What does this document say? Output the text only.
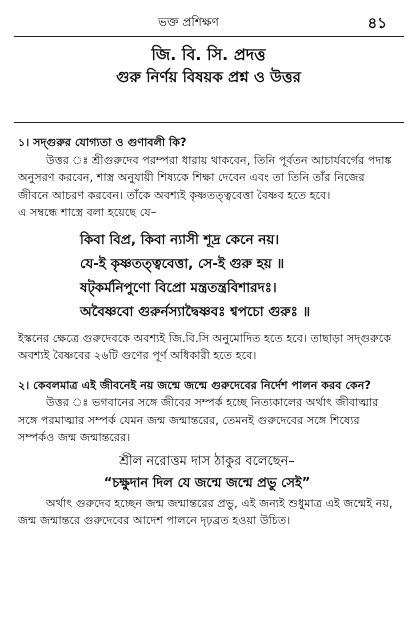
ভক্ত প্রশিক্ষণ	৪১
জি. বি. সি. প্রদত্ত
গুরু নির্ণয় বিষয়ক প্রশ্ন ও উত্তর

১। সদ্গুরুর যোগ্যতা ও গুণাবলী কি?

উত্তর ঃ শ্রীগুরুদেব পরম্পরা ধারায় থাকবেন, তিনি পূর্বতন আচার্যবর্গের পদাঙ্ক অনুসরণ করবেন, শাস্ত্র অনুযায়ী শিষ্যকে শিক্ষা দেবেন এবং তা তিনি তাঁর নিজের জীবনে আচরণ করবেন। তাঁকে অবশ্যই কৃষ্ণতত্ত্ববেত্তা বৈষ্ণব হতে হবে।

এ সম্বন্ধে শাস্ত্রে বলা হয়েছে যে–

কিবা বিপ্র, কিবা ন্যাসী শূদ্র কেনে নয়।
যে-ই কৃষ্ণতত্ত্ববেত্তা, সে-ই গুরু হয় ॥
ষট্কর্মনিপুণো বিপ্রো মন্ত্রতন্ত্রবিশারদঃ।
অবৈষ্ণবো গুরুর্নস্যাদ্বৈষ্ণবঃ শ্বপচো গুরুঃ ॥

ইস্কনের ক্ষেত্রে গুরুদেবকে অবশ্যই জি.বি.সি অনুমোদিত হতে হবে। তাছাড়া সদ্গুরুকে অবশ্যই বৈষ্ণবের ২৬টি গুণের পূর্ণ অধিকারী হতে হবে।

২। কেবলমাত্র এই জীবনেই নয় জন্মে জন্মে গুরুদেবের নির্দেশ পালন করব কেন?

উত্তর ঃ ভগবানের সঙ্গে জীবের সম্পর্ক হচ্ছে নিত্যকালের অর্থাৎ জীবাত্মার সঙ্গে পরমাত্মার সম্পর্ক যেমন জন্ম জন্মান্তরের, তেমনই গুরুদেবের সঙ্গে শিষ্যের সম্পর্কও জন্ম জন্মান্তরের।

শ্রীল নরোত্তম দাস ঠাকুর বলেছেন–
“চক্ষুদান দিল যে জন্মে জন্মে প্রভু সেই”

অর্থাৎ গুরুদেব হচ্ছেন জন্ম জন্মান্তরের প্রভু, এই জন্যই শুধুমাত্র এই জন্মেই নয়, জন্ম জন্মান্তরে গুরুদেবের আদেশ পালনে দৃঢ়ব্রত হওয়া উচিত।
